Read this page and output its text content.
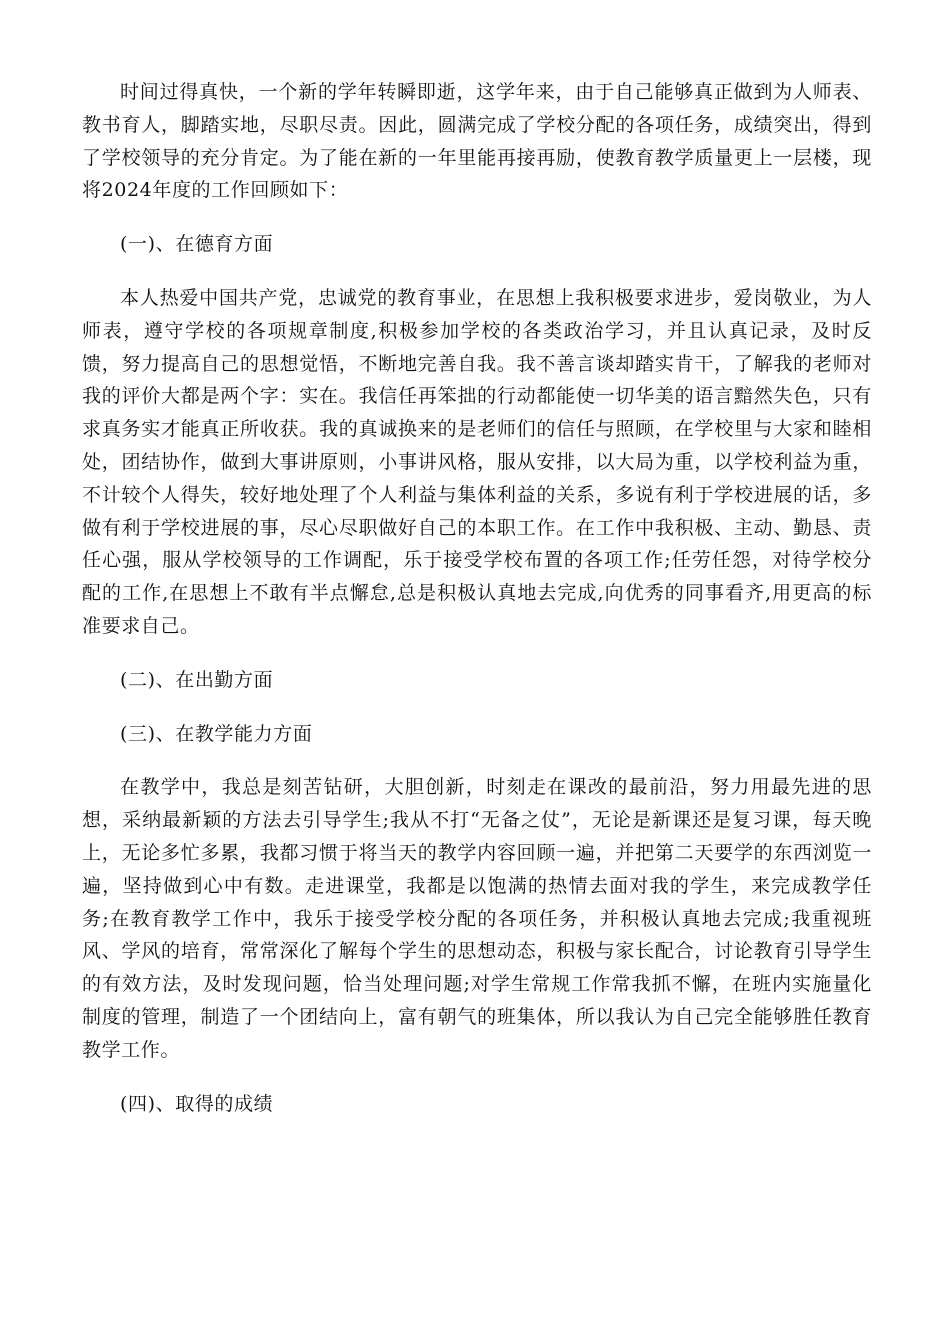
时间过得真快，一个新的学年转瞬即逝，这学年来，由于自己能够真正做到为人师表、教书育人，脚踏实地，尽职尽责。因此，圆满完成了学校分配的各项任务，成绩突出，得到了学校领导的充分肯定。为了能在新的一年里能再接再励，使教育教学质量更上一层楼，现将2024年度的工作回顾如下：

(一)、在德育方面

本人热爱中国共产党，忠诚党的教育事业，在思想上我积极要求进步，爱岗敬业，为人师表，遵守学校的各项规章制度,积极参加学校的各类政治学习，并且认真记录，及时反馈，努力提高自己的思想觉悟，不断地完善自我。我不善言谈却踏实肯干，了解我的老师对我的评价大都是两个字：实在。我信任再笨拙的行动都能使一切华美的语言黯然失色，只有求真务实才能真正所收获。我的真诚换来的是老师们的信任与照顾，在学校里与大家和睦相处，团结协作，做到大事讲原则，小事讲风格，服从安排，以大局为重，以学校利益为重，不计较个人得失，较好地处理了个人利益与集体利益的关系，多说有利于学校进展的话，多做有利于学校进展的事，尽心尽职做好自己的本职工作。在工作中我积极、主动、勤恳、责任心强，服从学校领导的工作调配，乐于接受学校布置的各项工作;任劳任怨，对待学校分配的工作,在思想上不敢有半点懈怠,总是积极认真地去完成,向优秀的同事看齐,用更高的标准要求自己。

(二)、在出勤方面

(三)、在教学能力方面

在教学中，我总是刻苦钻研，大胆创新，时刻走在课改的最前沿，努力用最先进的思想，采纳最新颖的方法去引导学生;我从不打“无备之仗”，无论是新课还是复习课，每天晚上，无论多忙多累，我都习惯于将当天的教学内容回顾一遍，并把第二天要学的东西浏览一遍，坚持做到心中有数。走进课堂，我都是以饱满的热情去面对我的学生，来完成教学任务;在教育教学工作中，我乐于接受学校分配的各项任务，并积极认真地去完成;我重视班风、学风的培育，常常深化了解每个学生的思想动态，积极与家长配合，讨论教育引导学生的有效方法，及时发现问题，恰当处理问题;对学生常规工作常我抓不懈，在班内实施量化制度的管理，制造了一个团结向上，富有朝气的班集体，所以我认为自己完全能够胜任教育教学工作。

(四)、取得的成绩
